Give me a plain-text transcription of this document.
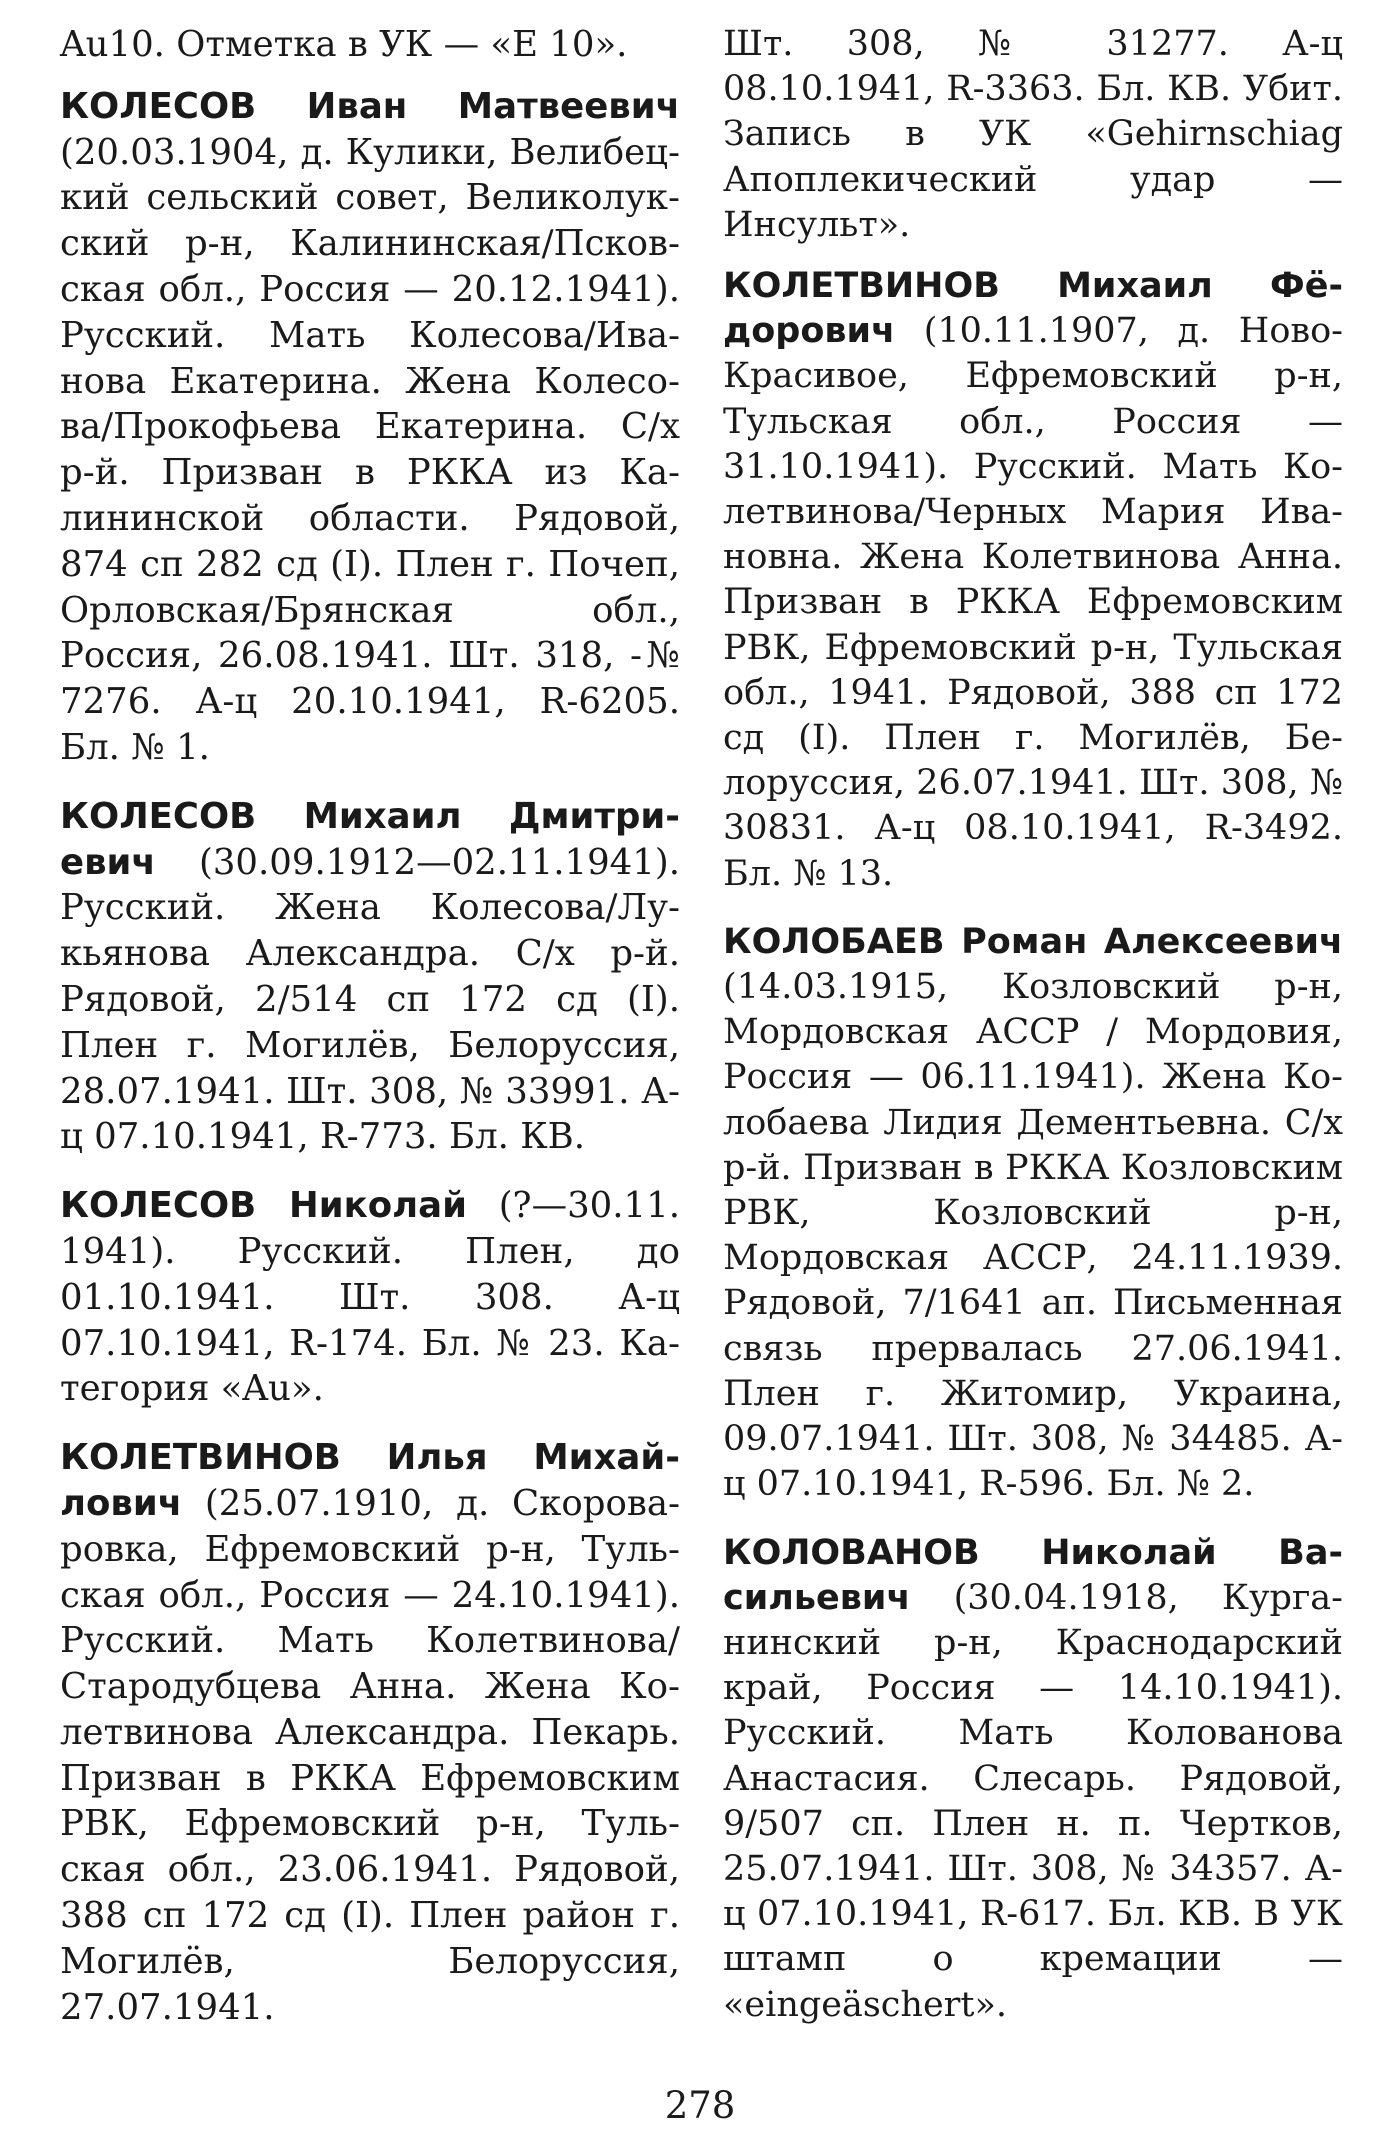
Au10. Отметка в УК — «E 10».

КОЛЕСОВ Иван Матвеевич (20.03.1904, д. Кулики, Велибецкий сельский совет, Великолукский р-н, Калининская/Псковская обл., Россия — 20.12.1941). Русский. Мать Колесова/Иванова Екатерина. Жена Колесова/Прокофьева Екатерина. С/х р-й. Призван в РККА из Калининской области. Рядовой, 874 сп 282 сд (I). Плен г. Почеп, Орловская/Брянская обл., Россия, 26.08.1941. Шт. 318, -№ 7276. А-ц 20.10.1941, R-6205. Бл. № 1.

КОЛЕСОВ Михаил Дмитриевич (30.09.1912—02.11.1941). Русский. Жена Колесова/Лукьянова Александра. С/х р-й. Рядовой, 2/514 сп 172 сд (I). Плен г. Могилёв, Белоруссия, 28.07.1941. Шт. 308, № 33991. А-ц 07.10.1941, R-773. Бл. КВ.

КОЛЕСОВ Николай (?—30.11. 1941). Русский. Плен, до 01.10.1941. Шт. 308. А-ц 07.10.1941, R-174. Бл. № 23. Категория «Au».

КОЛЕТВИНОВ Илья Михайлович (25.07.1910, д. Скороваровка, Ефремовский р-н, Тульская обл., Россия — 24.10.1941). Русский. Мать Колетвинова/ Стародубцева Анна. Жена Колетвинова Александра. Пекарь. Призван в РККА Ефремовским РВК, Ефремовский р-н, Тульская обл., 23.06.1941. Рядовой, 388 сп 172 сд (I). Плен район г. Могилёв, Белоруссия, 27.07.1941.

Шт. 308, № 31277. А-ц 08.10.1941, R-3363. Бл. КВ. Убит. Запись в УК «Gehirnschiag Апоплекический удар — Инсульт».

КОЛЕТВИНОВ Михаил Фёдорович (10.11.1907, д. Ново-Красивое, Ефремовский р-н, Тульская обл., Россия — 31.10.1941). Русский. Мать Колетвинова/Черных Мария Ивановна. Жена Колетвинова Анна. Призван в РККА Ефремовским РВК, Ефремовский р-н, Тульская обл., 1941. Рядовой, 388 сп 172 сд (I). Плен г. Могилёв, Белоруссия, 26.07.1941. Шт. 308, № 30831. А-ц 08.10.1941, R-3492. Бл. № 13.

КОЛОБАЕВ Роман Алексеевич (14.03.1915, Козловский р-н, Мордовская АССР / Мордовия, Россия — 06.11.1941). Жена Колобаева Лидия Дементьевна. С/х р-й. Призван в РККА Козловским РВК, Козловский р-н, Мордовская АССР, 24.11.1939. Рядовой, 7/1641 ап. Письменная связь прервалась 27.06.1941. Плен г. Житомир, Украина, 09.07.1941. Шт. 308, № 34485. А-ц 07.10.1941, R-596. Бл. № 2.

КОЛОВАНОВ Николай Васильевич (30.04.1918, Курганинский р-н, Краснодарский край, Россия — 14.10.1941). Русский. Мать Колованова Анастасия. Слесарь. Рядовой, 9/507 сп. Плен н. п. Чертков, 25.07.1941. Шт. 308, № 34357. А-ц 07.10.1941, R-617. Бл. КВ. В УК штамп о кремации — «eingeäschert».

278
